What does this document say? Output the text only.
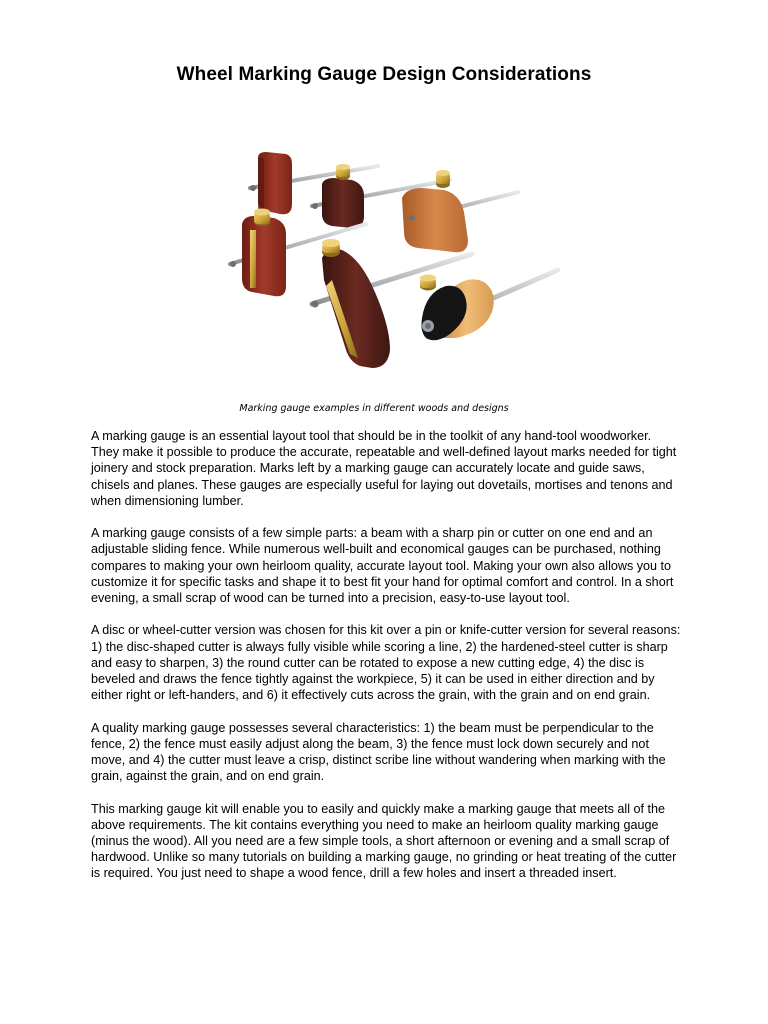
Wheel Marking Gauge Design Considerations
Marking gauge examples in different woods and designs

A marking gauge is an essential layout tool that should be in the toolkit of any hand-tool woodworker. They make it possible to produce the accurate, repeatable and well-defined layout marks needed for tight joinery and stock preparation. Marks left by a marking gauge can accurately locate and guide saws, chisels and planes. These gauges are especially useful for laying out dovetails, mortises and tenons and when dimensioning lumber.

A marking gauge consists of a few simple parts: a beam with a sharp pin or cutter on one end and an adjustable sliding fence. While numerous well-built and economical gauges can be purchased, nothing compares to making your own heirloom quality, accurate layout tool. Making your own also allows you to customize it for specific tasks and shape it to best fit your hand for optimal comfort and control. In a short evening, a small scrap of wood can be turned into a precision, easy-to-use layout tool.

A disc or wheel-cutter version was chosen for this kit over a pin or knife-cutter version for several reasons: 1) the disc-shaped cutter is always fully visible while scoring a line, 2) the hardened-steel cutter is sharp and easy to sharpen, 3) the round cutter can be rotated to expose a new cutting edge, 4) the disc is beveled and draws the fence tightly against the workpiece, 5) it can be used in either direction and by either right or left-handers, and 6) it effectively cuts across the grain, with the grain and on end grain.

A quality marking gauge possesses several characteristics: 1) the beam must be perpendicular to the fence, 2) the fence must easily adjust along the beam, 3) the fence must lock down securely and not move, and 4) the cutter must leave a crisp, distinct scribe line without wandering when marking with the grain, against the grain, and on end grain.

This marking gauge kit will enable you to easily and quickly make a marking gauge that meets all of the above requirements. The kit contains everything you need to make an heirloom quality marking gauge (minus the wood). All you need are a few simple tools, a short afternoon or evening and a small scrap of hardwood. Unlike so many tutorials on building a marking gauge, no grinding or heat treating of the cutter is required. You just need to shape a wood fence, drill a few holes and insert a threaded insert.
